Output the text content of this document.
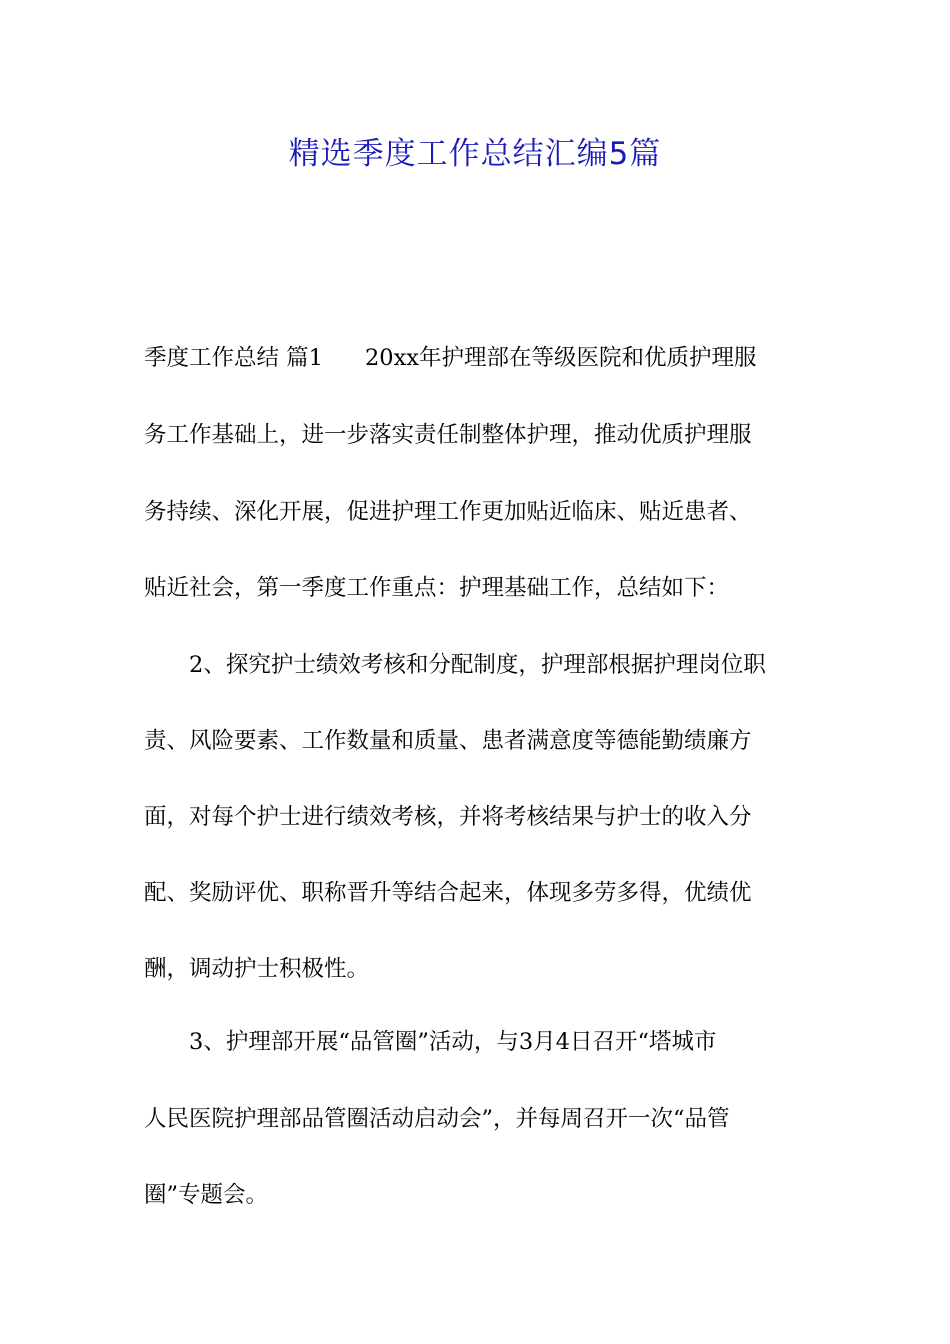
精选季度工作总结汇编5篇
季度工作总结 篇1 20xx年护理部在等级医院和优质护理服
务工作基础上，进一步落实责任制整体护理，推动优质护理服
务持续、深化开展，促进护理工作更加贴近临床、贴近患者、
贴近社会，第一季度工作重点：护理基础工作，总结如下：
　　2、探究护士绩效考核和分配制度，护理部根据护理岗位职
责、风险要素、工作数量和质量、患者满意度等德能勤绩廉方
面，对每个护士进行绩效考核，并将考核结果与护士的收入分
配、奖励评优、职称晋升等结合起来，体现多劳多得，优绩优
酬，调动护士积极性。
　　3、护理部开展“品管圈”活动，与3月4日召开“塔城市
人民医院护理部品管圈活动启动会”，并每周召开一次“品管
圈”专题会。
